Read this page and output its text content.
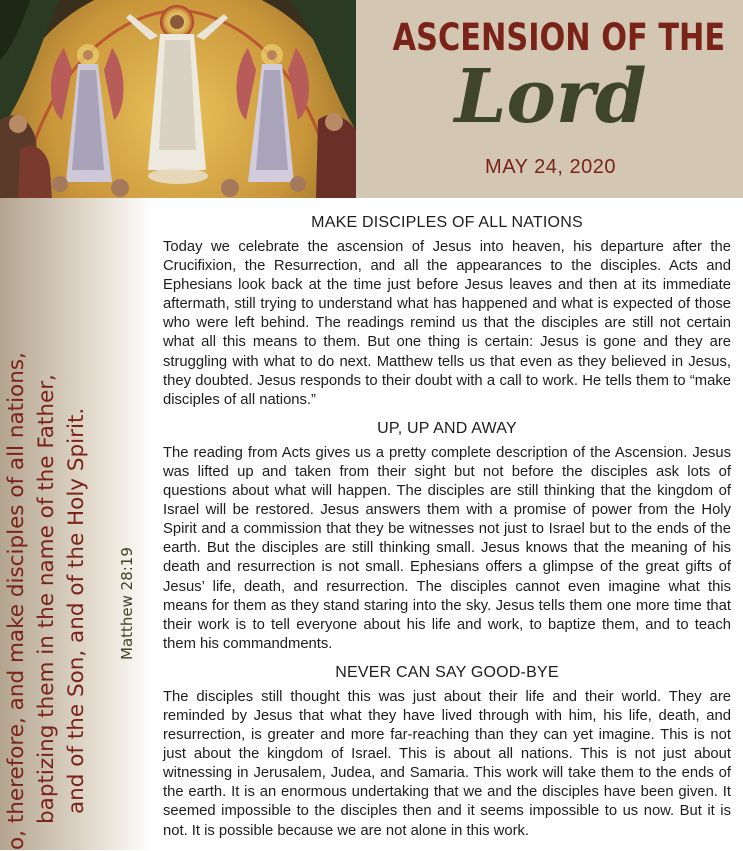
ASCENSION OF THE
Lord
MAY 24, 2020
o, therefore, and make disciples of all nations, baptizing them in the name of the Father, and of the Son, and of the Holy Spirit. Matthew 28:19
MAKE DISCIPLES OF ALL NATIONS

Today we celebrate the ascension of Jesus into heaven, his departure after the Crucifixion, the Resurrection, and all the appearances to the disciples. Acts and Ephesians look back at the time just before Jesus leaves and then at its immediate aftermath, still trying to understand what has happened and what is expected of those who were left behind. The readings remind us that the disciples are still not certain what all this means to them. But one thing is certain: Jesus is gone and they are struggling with what to do next. Matthew tells us that even as they believed in Jesus, they doubted. Jesus responds to their doubt with a call to work. He tells them to “make disciples of all nations.”

UP, UP AND AWAY

The reading from Acts gives us a pretty complete description of the Ascension. Jesus was lifted up and taken from their sight but not before the disciples ask lots of questions about what will happen. The disciples are still thinking that the kingdom of Israel will be restored. Jesus answers them with a promise of power from the Holy Spirit and a commission that they be witnesses not just to Israel but to the ends of the earth. But the disciples are still thinking small. Jesus knows that the meaning of his death and resurrection is not small. Ephesians offers a glimpse of the great gifts of Jesus’ life, death, and resurrection. The disciples cannot even imagine what this means for them as they stand staring into the sky. Jesus tells them one more time that their work is to tell everyone about his life and work, to baptize them, and to teach them his commandments.

NEVER CAN SAY GOOD-BYE

The disciples still thought this was just about their life and their world. They are reminded by Jesus that what they have lived through with him, his life, death, and resurrection, is greater and more far-reaching than they can yet imagine. This is not just about the kingdom of Israel. This is about all nations. This is not just about witnessing in Jerusalem, Judea, and Samaria. This work will take them to the ends of the earth. It is an enormous undertaking that we and the disciples have been given. It seemed impossible to the disciples then and it seems impossible to us now. But it is not. It is possible because we are not alone in this work.
